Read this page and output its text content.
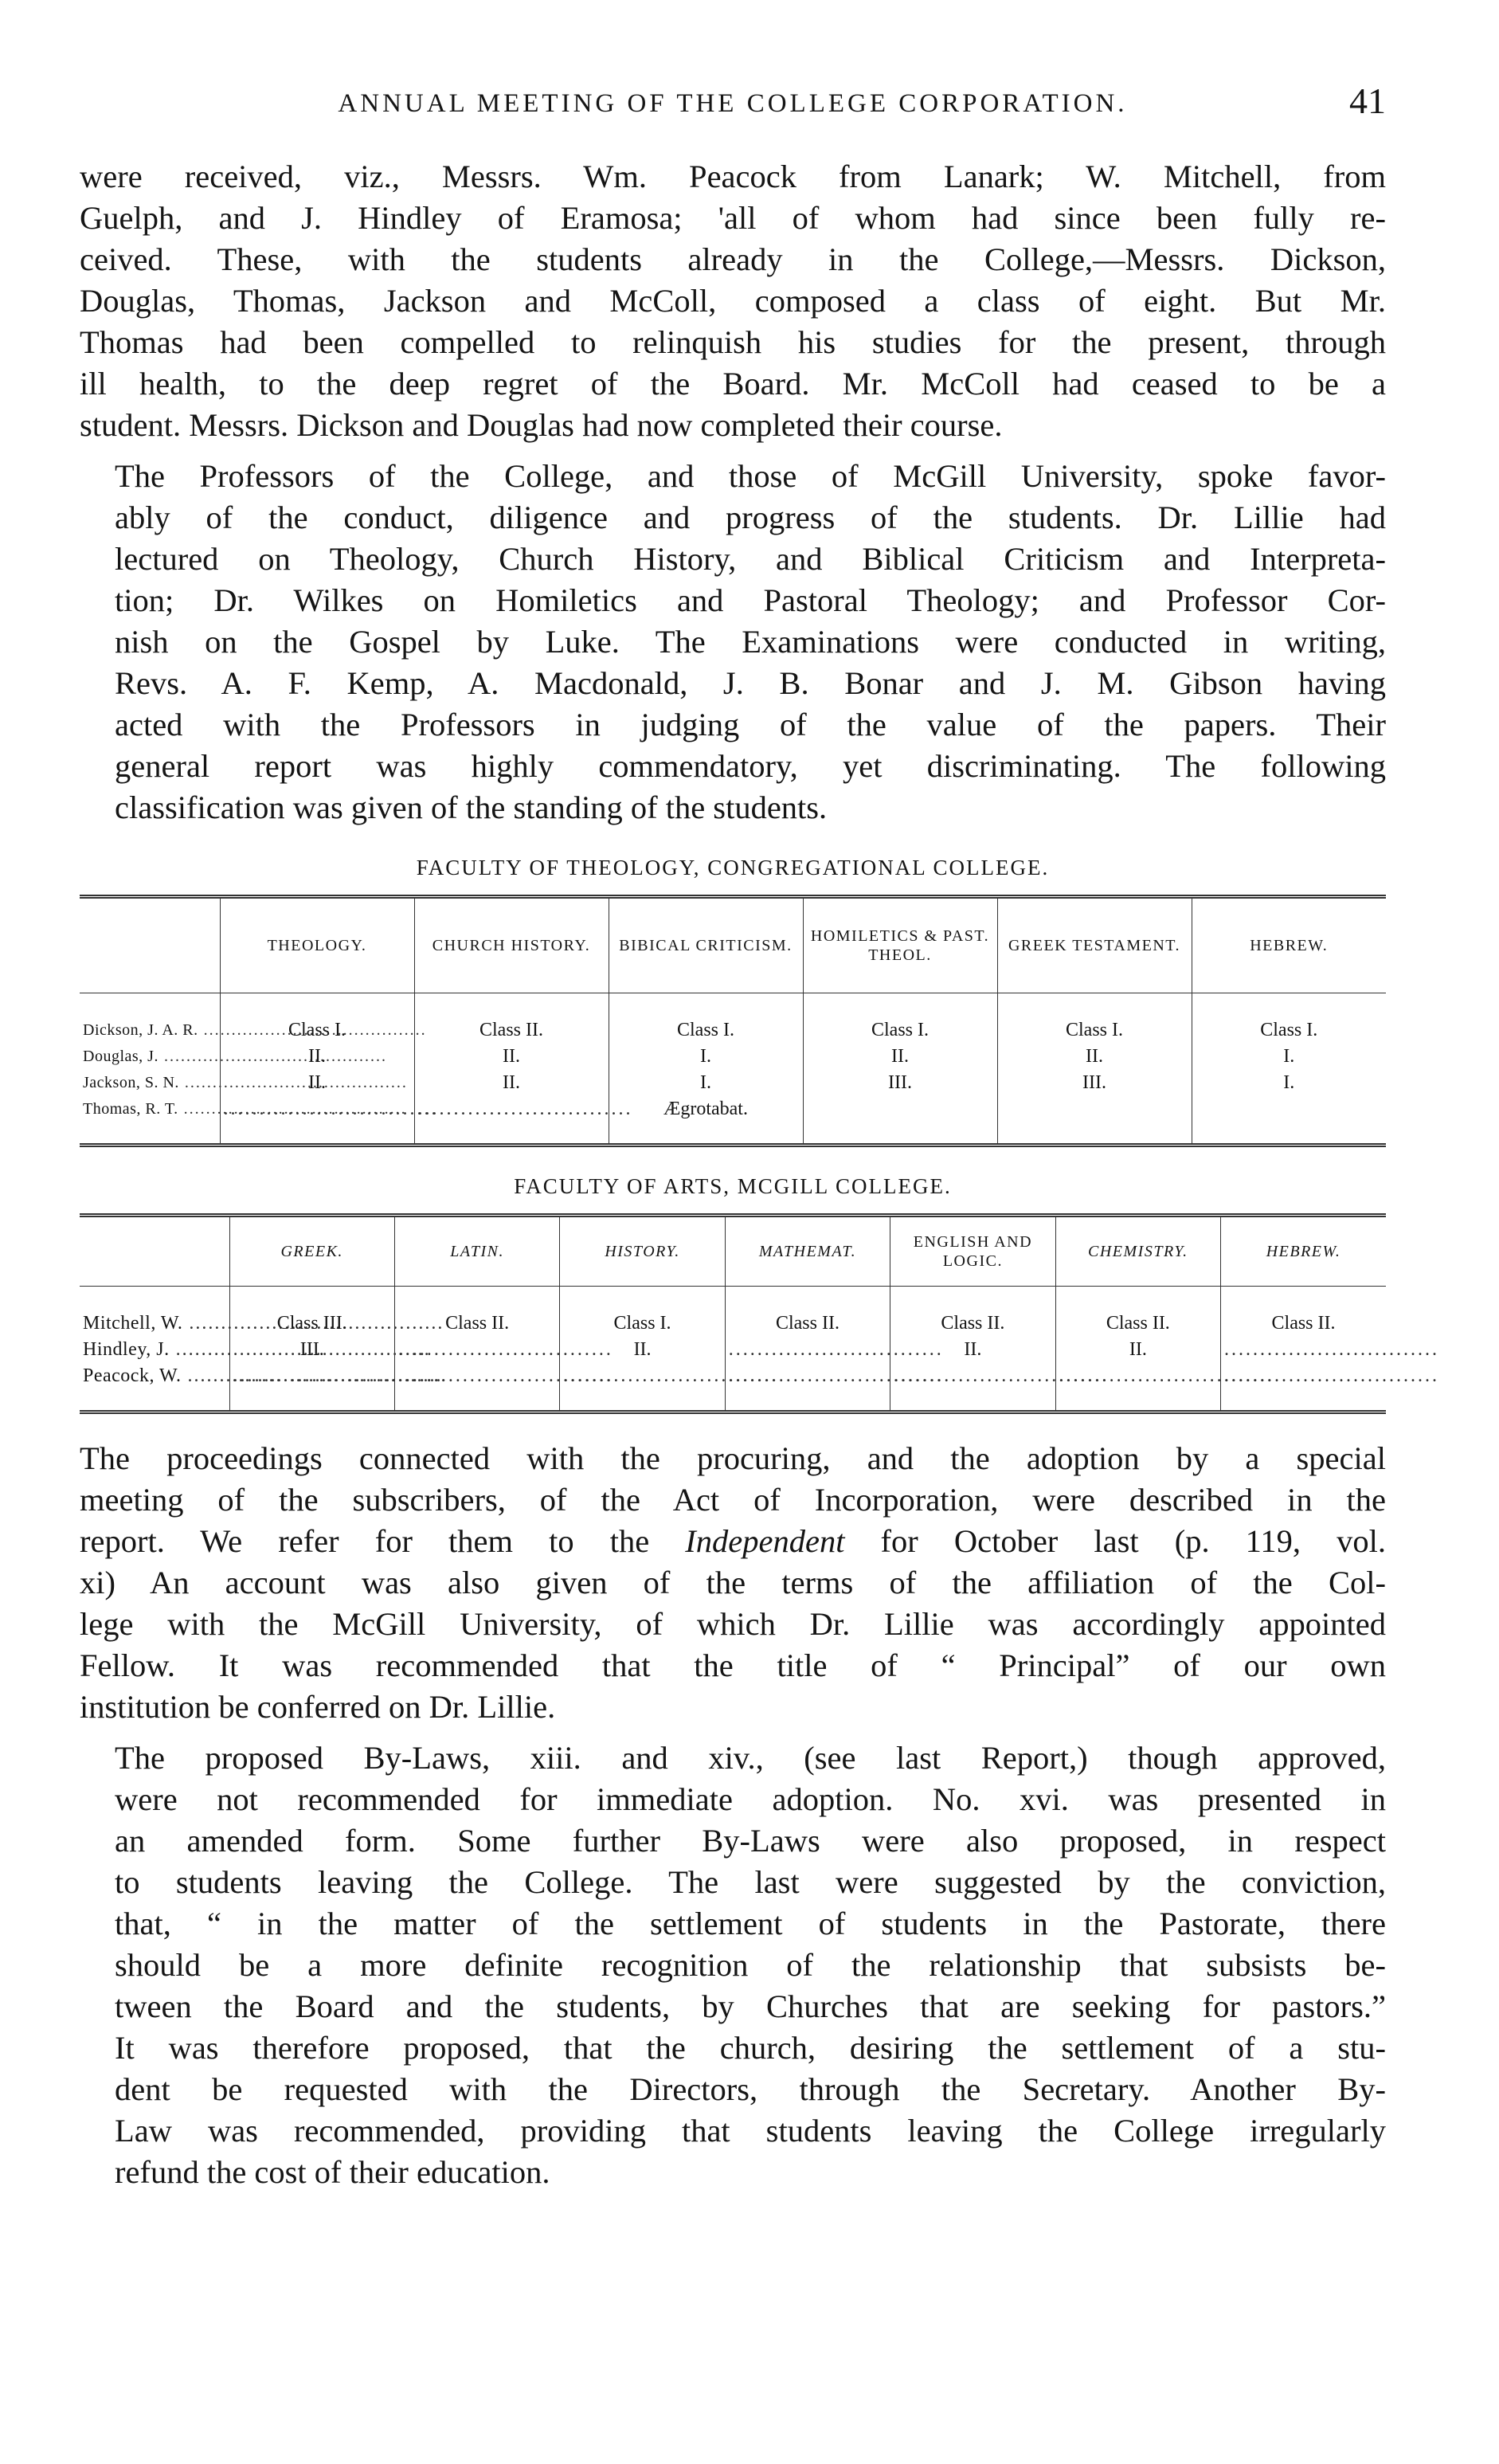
ANNUAL MEETING OF THE COLLEGE CORPORATION.	41

were received, viz., Messrs. Wm. Peacock from Lanark; W. Mitchell, from
Guelph, and J. Hindley of Eramosa; 'all of whom had since been fully re-
ceived. These, with the students already in the College,—Messrs. Dickson,
Douglas, Thomas, Jackson and McColl, composed a class of eight. But Mr.
Thomas had been compelled to relinquish his studies for the present, through
ill health, to the deep regret of the Board. Mr. McColl had ceased to be a
student. Messrs. Dickson and Douglas had now completed their course.

The Professors of the College, and those of McGill University, spoke favor-
ably of the conduct, diligence and progress of the students. Dr. Lillie had
lectured on Theology, Church History, and Biblical Criticism and Interpreta-
tion; Dr. Wilkes on Homiletics and Pastoral Theology; and Professor Cor-
nish on the Gospel by Luke. The Examinations were conducted in writing,
Revs. A. F. Kemp, A. Macdonald, J. B. Bonar and J. M. Gibson having
acted with the Professors in judging of the value of the papers. Their
general report was highly commendatory, yet discriminating. The following
classification was given of the standing of the students.

FACULTY OF THEOLOGY, CONGREGATIONAL COLLEGE.
	THEOLOGY.	CHURCH HISTORY.	BIBICAL CRITICISM.	HOMILETICS & PAST. THEOL.	GREEK TESTAMENT.	HEBREW.
Dickson, J. A. R. .....	Class I.	Class II.	Class I.	Class I.	Class I.	Class I.
Douglas, J. .....	II.	II.	I.	II.	II.	I.
Jackson, S. N. .....	II.	II.	I.	III.	III.	I.
Thomas, R. T. .....	..............................	..............................	Ægrotabat.			
FACULTY OF ARTS, MCGILL COLLEGE.
	GREEK.	LATIN.	HISTORY.	MATHEMAT.	ENGLISH AND LOGIC.	CHEMISTRY.	HEBREW.
Mitchell, W. .....	Class III.	Class II.	Class I.	Class II.	Class II.	Class II.	Class II.
Hindley, J. .....	III.	..............................	II.	..............................	II.	II.	..............................
Peacock, W. .....	..............................	..............................	..............................	..............................	..............................	..............................	..............................

The proceedings connected with the procuring, and the adoption by a special
meeting of the subscribers, of the Act of Incorporation, were described in the
report. We refer for them to the Independent for October last (p. 119, vol.
xi) An account was also given of the terms of the affiliation of the Col-
lege with the McGill University, of which Dr. Lillie was accordingly appointed
Fellow. It was recommended that the title of “ Principal” of our own
institution be conferred on Dr. Lillie.

The proposed By-Laws, xiii. and xiv., (see last Report,) though approved,
were not recommended for immediate adoption. No. xvi. was presented in
an amended form. Some further By-Laws were also proposed, in respect
to students leaving the College. The last were suggested by the conviction,
that, “ in the matter of the settlement of students in the Pastorate, there
should be a more definite recognition of the relationship that subsists be-
tween the Board and the students, by Churches that are seeking for pastors.”
It was therefore proposed, that the church, desiring the settlement of a stu-
dent be requested with the Directors, through the Secretary. Another By-
Law was recommended, providing that students leaving the College irregularly
refund the cost of their education.
